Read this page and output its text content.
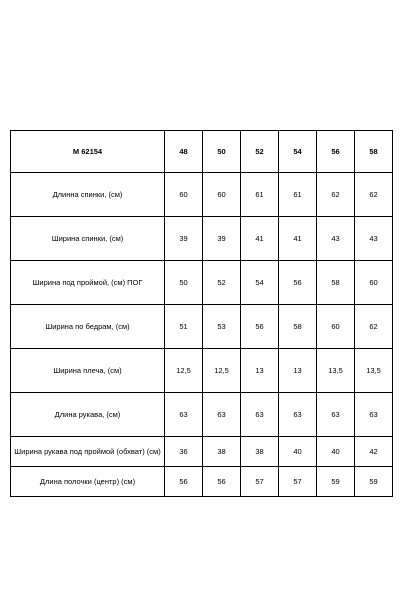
M 62154	48	50	52	54	56	58
Длинна спинки, (см)	60	60	61	61	62	62
Ширина спинки, (см)	39	39	41	41	43	43
Ширина под проймой, (см) ПОГ	50	52	54	56	58	60
Ширина по бедрам, (см)	51	53	56	58	60	62
Ширина плеча, (см)	12,5	12,5	13	13	13,5	13,5
Длина рукава, (см)	63	63	63	63	63	63
Ширина рукава под проймой (обхват) (см)	36	38	38	40	40	42
Длина полочки (центр) (см)	56	56	57	57	59	59
